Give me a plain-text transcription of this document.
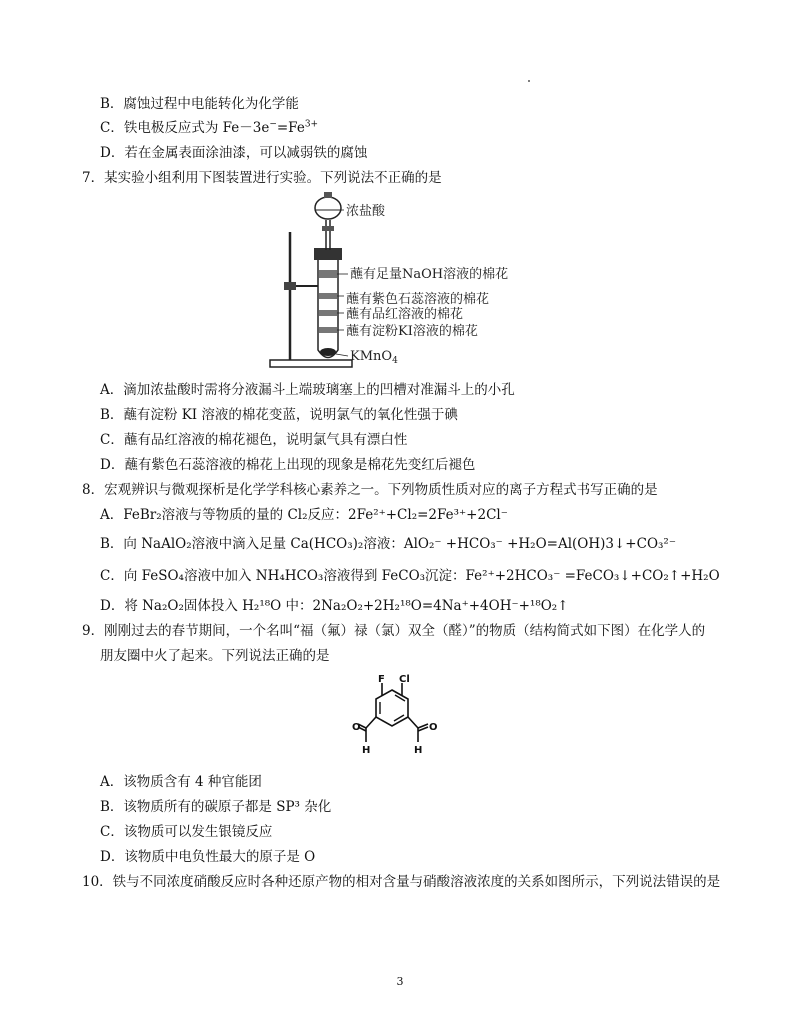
B．腐蚀过程中电能转化为化学能
C．铁电极反应式为 $Fe-3e^-=Fe^{3+}$
D．若在金属表面涂油漆，可以减弱铁的腐蚀
7．某实验小组利用下图装置进行实验。下列说法不正确的是
浓盐酸
蘸有足量NaOH溶液的棉花
蘸有紫色石蕊溶液的棉花
蘸有品红溶液的棉花
蘸有淀粉KI溶液的棉花
KMnO$_4$
A．滴加浓盐酸时需将分液漏斗上端玻璃塞上的凹槽对准漏斗上的小孔
B．蘸有淀粉 KI 溶液的棉花变蓝，说明氯气的氧化性强于碘
C．蘸有品红溶液的棉花褪色，说明氯气具有漂白性
D．蘸有紫色石蕊溶液的棉花上出现的现象是棉花先变红后褪色
8．宏观辨识与微观探析是化学学科核心素养之一。下列物质性质对应的离子方程式书写正确的是
A．FeBr₂溶液与等物质的量的 Cl₂反应：2Fe²⁺+Cl₂=2Fe³⁺+2Cl⁻
B．向 NaAlO₂溶液中滴入足量 Ca(HCO₃)₂溶液：AlO₂⁻ +HCO₃⁻ +H₂O=Al(OH)3↓+CO₃²⁻
C．向 FeSO₄溶液中加入 NH₄HCO₃溶液得到 FeCO₃沉淀：Fe²⁺+2HCO₃⁻ =FeCO₃↓+CO₂↑+H₂O
D．将 Na₂O₂固体投入 H₂¹⁸O 中：2Na₂O₂+2H₂¹⁸O=4Na⁺+4OH⁻+¹⁸O₂↑
9．刚刚过去的春节期间，一个名叫“福（氟）禄（氯）双全（醛）”的物质（结构简式如下图）在化学人的
朋友圈中火了起来。下列说法正确的是
F Cl
O	O
H	H
A．该物质含有 4 种官能团
B．该物质所有的碳原子都是 SP³ 杂化
C．该物质可以发生银镜反应
D．该物质中电负性最大的原子是 O
10．铁与不同浓度硝酸反应时各种还原产物的相对含量与硝酸溶液浓度的关系如图所示，下列说法错误的是
3
